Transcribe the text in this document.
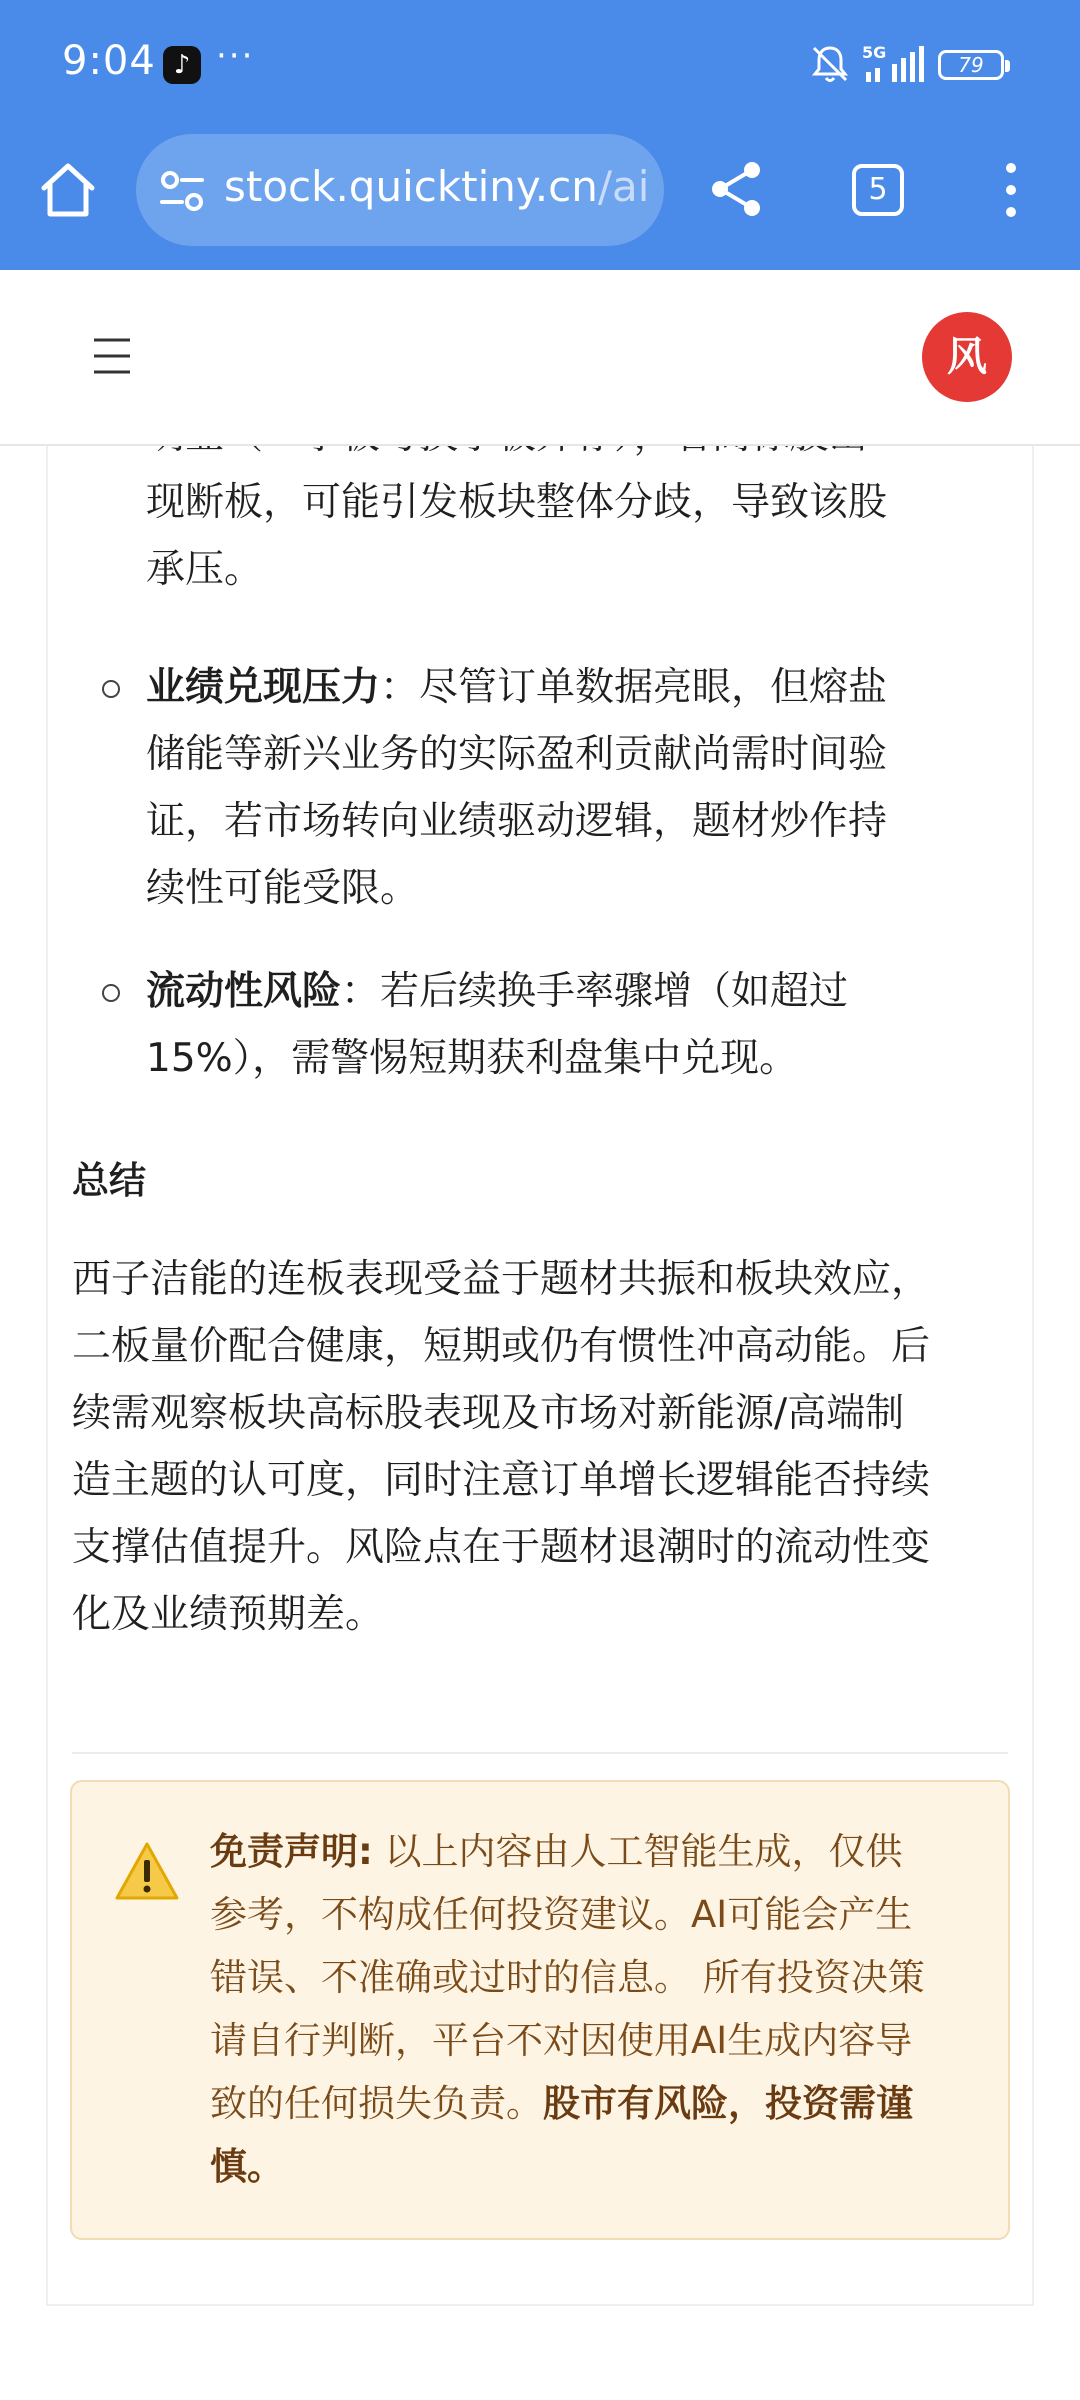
9:04 ♪ ···	5G
79
stock.quicktiny.cn/ai	5
风
现断板，可能引发板块整体分歧，导致该股
承压。
业绩兑现压力：尽管订单数据亮眼，但熔盐
储能等新兴业务的实际盈利贡献尚需时间验
证，若市场转向业绩驱动逻辑，题材炒作持
续性可能受限。
流动性风险：若后续换手率骤增（如超过
15%），需警惕短期获利盘集中兑现。
总结
西子洁能的连板表现受益于题材共振和板块效应，
二板量价配合健康，短期或仍有惯性冲高动能。后
续需观察板块高标股表现及市场对新能源/高端制
造主题的认可度，同时注意订单增长逻辑能否持续
支撑估值提升。风险点在于题材退潮时的流动性变
化及业绩预期差。
免责声明: 以上内容由人工智能生成，仅供
参考，不构成任何投资建议。AI可能会产生
错误、不准确或过时的信息。 所有投资决策
请自行判断，平台不对因使用AI生成内容导
致的任何损失负责。股市有风险，投资需谨
慎。
